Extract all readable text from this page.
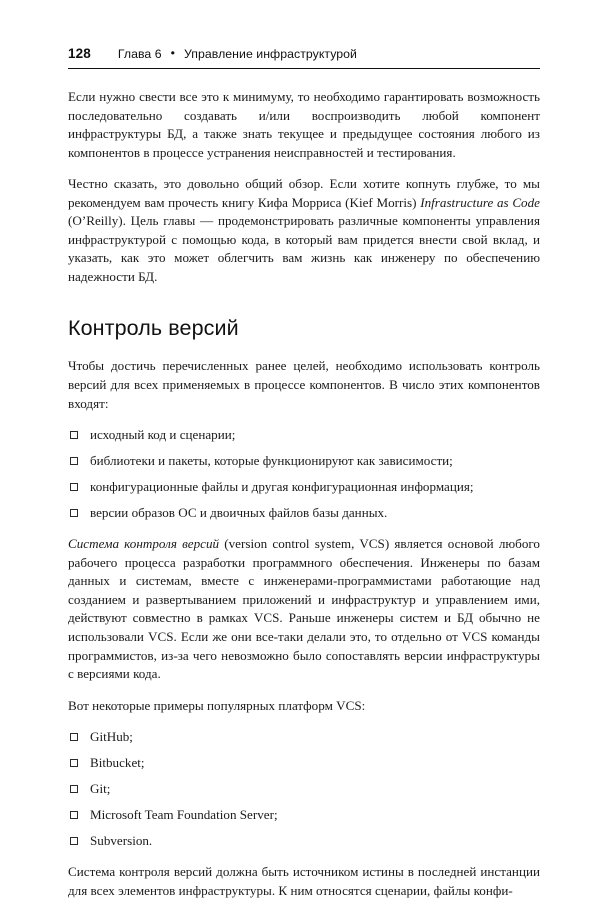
128 Глава 6 • Управление инфраструктурой

Если нужно свести все это к минимуму, то необходимо гарантировать возможность последовательно создавать и/или воспроизводить любой компонент инфраструктуры БД, а также знать текущее и предыдущее состояния любого из компонентов в процессе устранения неисправностей и тестирования.

Честно сказать, это довольно общий обзор. Если хотите копнуть глубже, то мы рекомендуем вам прочесть книгу Кифа Морриса (Kief Morris) Infrastructure as Code (O’Reilly). Цель главы — продемонстрировать различные компоненты управления инфраструктурой с помощью кода, в который вам придется внести свой вклад, и указать, как это может облегчить вам жизнь как инженеру по обеспечению надежности БД.

Контроль версий

Чтобы достичь перечисленных ранее целей, необходимо использовать контроль версий для всех применяемых в процессе компонентов. В число этих компонентов входят:

исходный код и сценарии;
библиотеки и пакеты, которые функционируют как зависимости;
конфигурационные файлы и другая конфигурационная информация;
версии образов ОС и двоичных файлов базы данных.

Система контроля версий (version control system, VCS) является основой любого рабочего процесса разработки программного обеспечения. Инженеры по базам данных и системам, вместе с инженерами-программистами работающие над созданием и развертыванием приложений и инфраструктур и управлением ими, действуют совместно в рамках VCS. Раньше инженеры систем и БД обычно не использовали VCS. Если же они все-таки делали это, то отдельно от VCS команды программистов, из-за чего невозможно было сопоставлять версии инфраструктуры с версиями кода.

Вот некоторые примеры популярных платформ VCS:

GitHub;
Bitbucket;
Git;
Microsoft Team Foundation Server;
Subversion.

Система контроля версий должна быть источником истины в последней инстанции для всех элементов инфраструктуры. К ним относятся сценарии, файлы конфи-
